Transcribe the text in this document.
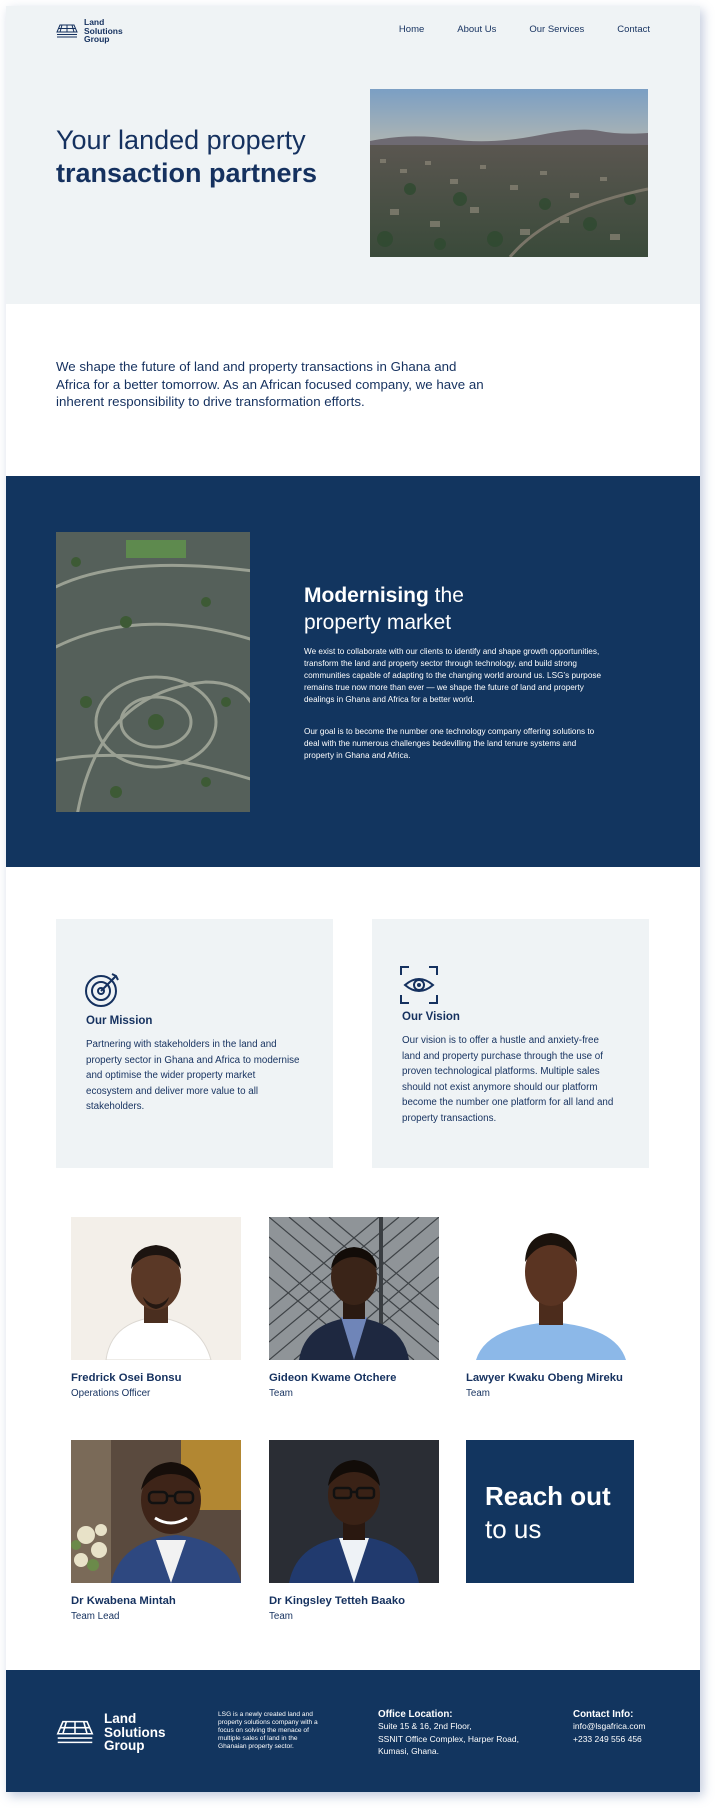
Land
Solutions
Group
Home	About Us	Our Services	Contact
Your landed property
transaction partners

We shape the future of land and property transactions in Ghana and Africa for a better tomorrow. As an African focused company, we have an inherent responsibility to drive transformation efforts.

Modernising the
property market

We exist to collaborate with our clients to identify and shape growth opportunities, transform the land and property sector through technology, and build strong communities capable of adapting to the changing world around us. LSG’s purpose remains true now more than ever — we shape the future of land and property dealings in Ghana and Africa for a better world.

Our goal is to become the number one technology company offering solutions to deal with the numerous challenges bedevilling the land tenure systems and property in Ghana and Africa.

Our Mission

Partnering with stakeholders in the land and property sector in Ghana and Africa to modernise and optimise the wider property market ecosystem and deliver more value to all stakeholders.

Our Vision

Our vision is to offer a hustle and anxiety-free land and property purchase through the use of proven technological platforms. Multiple sales should not exist anymore should our platform become the number one platform for all land and property transactions.

Fredrick Osei Bonsu
Operations Officer
Gideon Kwame Otchere
Team
Lawyer Kwaku Obeng Mireku
Team
Dr Kwabena Mintah
Team Lead
Dr Kingsley Tetteh Baako
Team
Reach out
to us
Land
Solutions
Group

LSG is a newly created land and property solutions company with a focus on solving the menace of multiple sales of land in the Ghanaian property sector.

Office Location:
Suite 15 & 16, 2nd Floor,
SSNIT Office Complex, Harper Road,
Kumasi, Ghana.
Contact Info:
info@lsgafrica.com
+233 249 556 456
